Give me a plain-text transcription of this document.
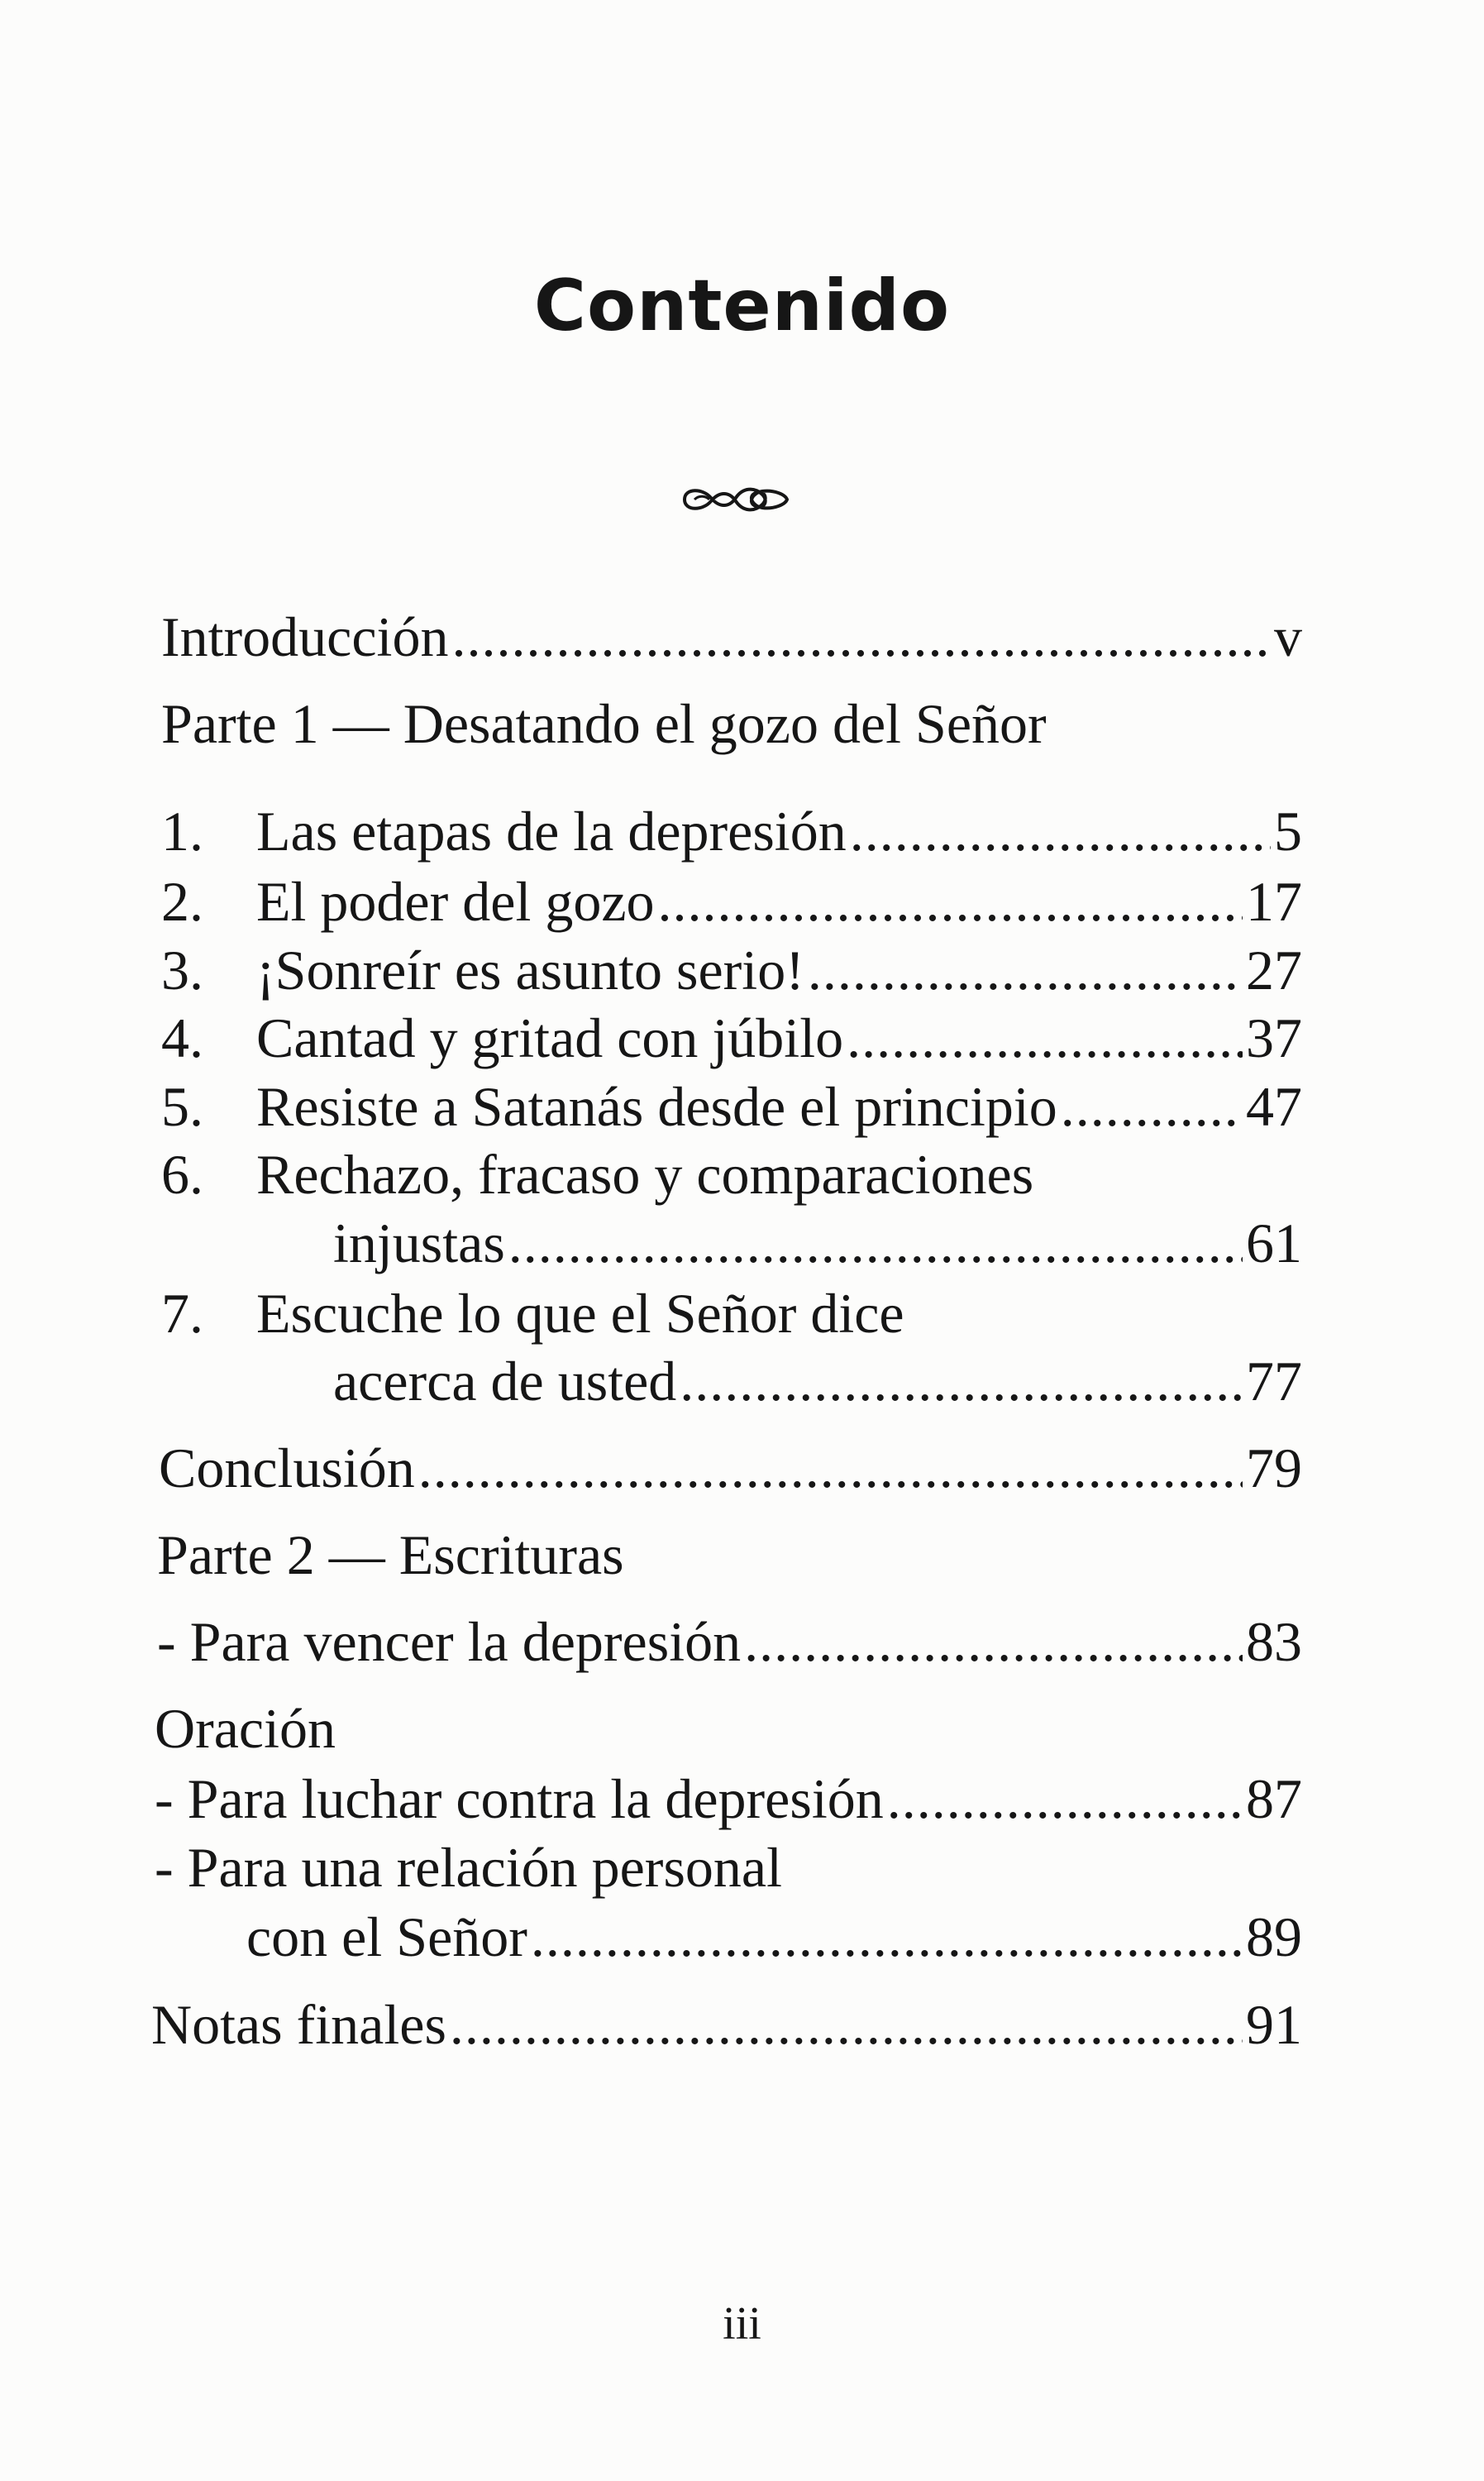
Contenido
Introducción .....	v
Parte 1 — Desatando el gozo del Señor
1. Las etapas de la depresión .....	5
2. El poder del gozo .....	17
3. ¡Sonreír es asunto serio! .....	27
4. Cantad y gritad con júbilo .....	37
5. Resiste a Satanás desde el principio .....	47
6. Rechazo, fracaso y comparaciones
injustas .....	61
7. Escuche lo que el Señor dice
acerca de usted .....	77
Conclusión .....	79
Parte 2 — Escrituras
- Para vencer la depresión .....	83
Oración
- Para luchar contra la depresión .....	87
- Para una relación personal
con el Señor .....	89
Notas finales .....	91
iii
